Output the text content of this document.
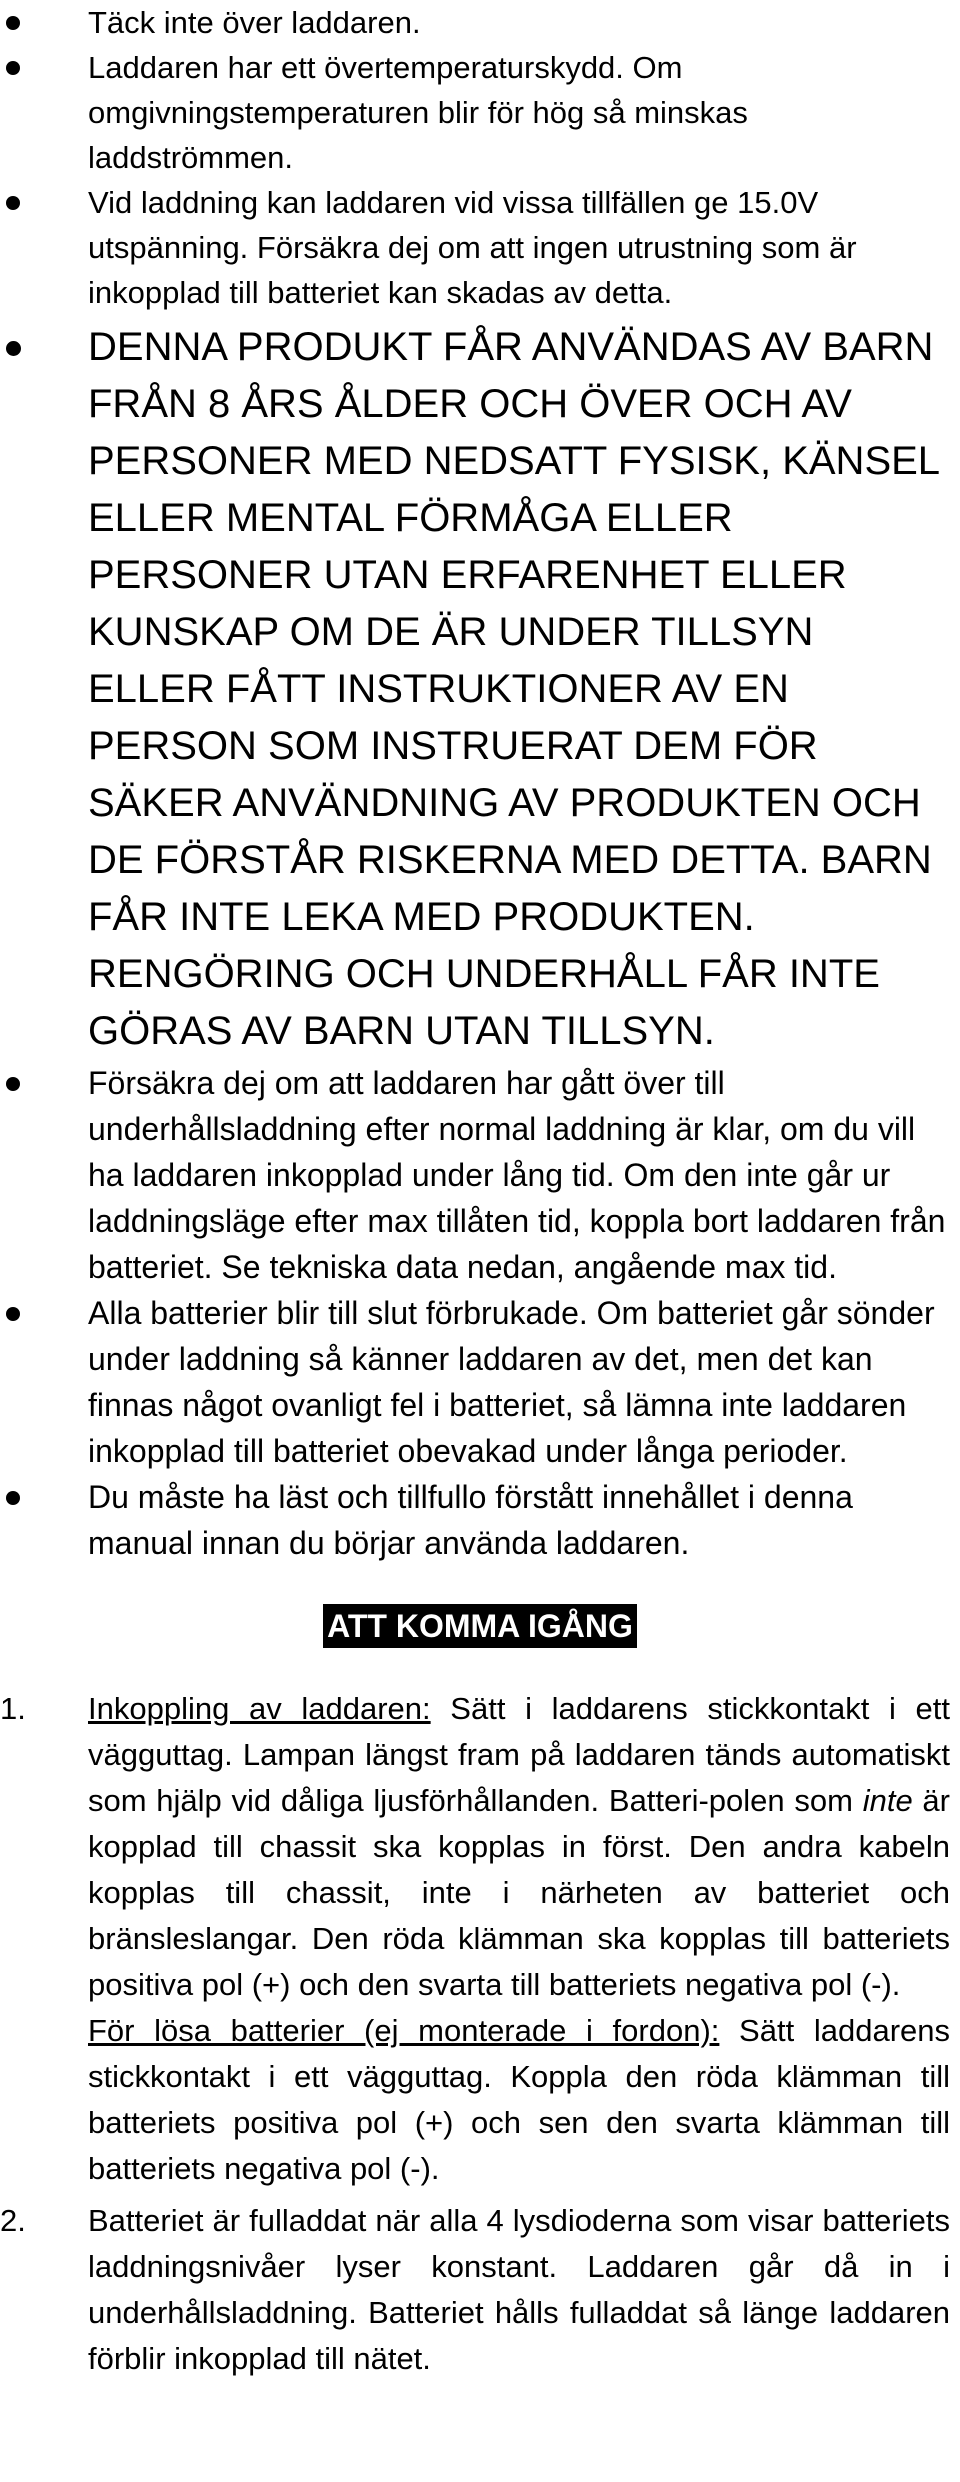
Täck inte över laddaren.
Laddaren har ett övertemperaturskydd. Om omgivningstemperaturen blir för hög så minskas laddströmmen.
Vid laddning kan laddaren vid vissa tillfällen ge 15.0V utspänning. Försäkra dej om att ingen utrustning som är inkopplad till batteriet kan skadas av detta.
DENNA PRODUKT FÅR ANVÄNDAS AV BARN FRÅN 8 ÅRS ÅLDER OCH ÖVER OCH AV PERSONER MED NEDSATT FYSISK, KÄNSEL ELLER MENTAL FÖRMÅGA ELLER PERSONER UTAN ERFARENHET ELLER KUNSKAP OM DE ÄR UNDER TILLSYN ELLER FÅTT INSTRUKTIONER AV EN PERSON SOM INSTRUERAT DEM FÖR SÄKER ANVÄNDNING AV PRODUKTEN OCH DE FÖRSTÅR RISKERNA MED DETTA. BARN FÅR INTE LEKA MED PRODUKTEN. RENGÖRING OCH UNDERHÅLL FÅR INTE GÖRAS AV BARN UTAN TILLSYN.
Försäkra dej om att laddaren har gått över till underhållsladdning efter normal laddning är klar, om du vill ha laddaren inkopplad under lång tid. Om den inte går ur laddningsläge efter max tillåten tid, koppla bort laddaren från batteriet. Se tekniska data nedan, angående max tid.
Alla batterier blir till slut förbrukade. Om batteriet går sönder under laddning så känner laddaren av det, men det kan finnas något ovanligt fel i batteriet, så lämna inte laddaren inkopplad till batteriet obevakad under långa perioder.
Du måste ha läst och tillfullo förstått innehållet i denna manual innan du börjar använda laddaren.
ATT KOMMA IGÅNG
1. Inkoppling av laddaren: Sätt i laddarens stickkontakt i ett vägguttag. Lampan längst fram på laddaren tänds automatiskt som hjälp vid dåliga ljusförhållanden. Batteri-polen som inte är kopplad till chassit ska kopplas in först. Den andra kabeln kopplas till chassit, inte i närheten av batteriet och bränsleslangar. Den röda klämman ska kopplas till batteriets positiva pol (+) och den svarta till batteriets negativa pol (-).

För lösa batterier (ej monterade i fordon): Sätt laddarens stickkontakt i ett vägguttag. Koppla den röda klämman till batteriets positiva pol (+) och sen den svarta klämman till batteriets negativa pol (-).

2. Batteriet är fulladdat när alla 4 lysdioderna som visar batteriets laddningsnivåer lyser konstant. Laddaren går då in i underhållsladdning. Batteriet hålls fulladdat så länge laddaren förblir inkopplad till nätet.
